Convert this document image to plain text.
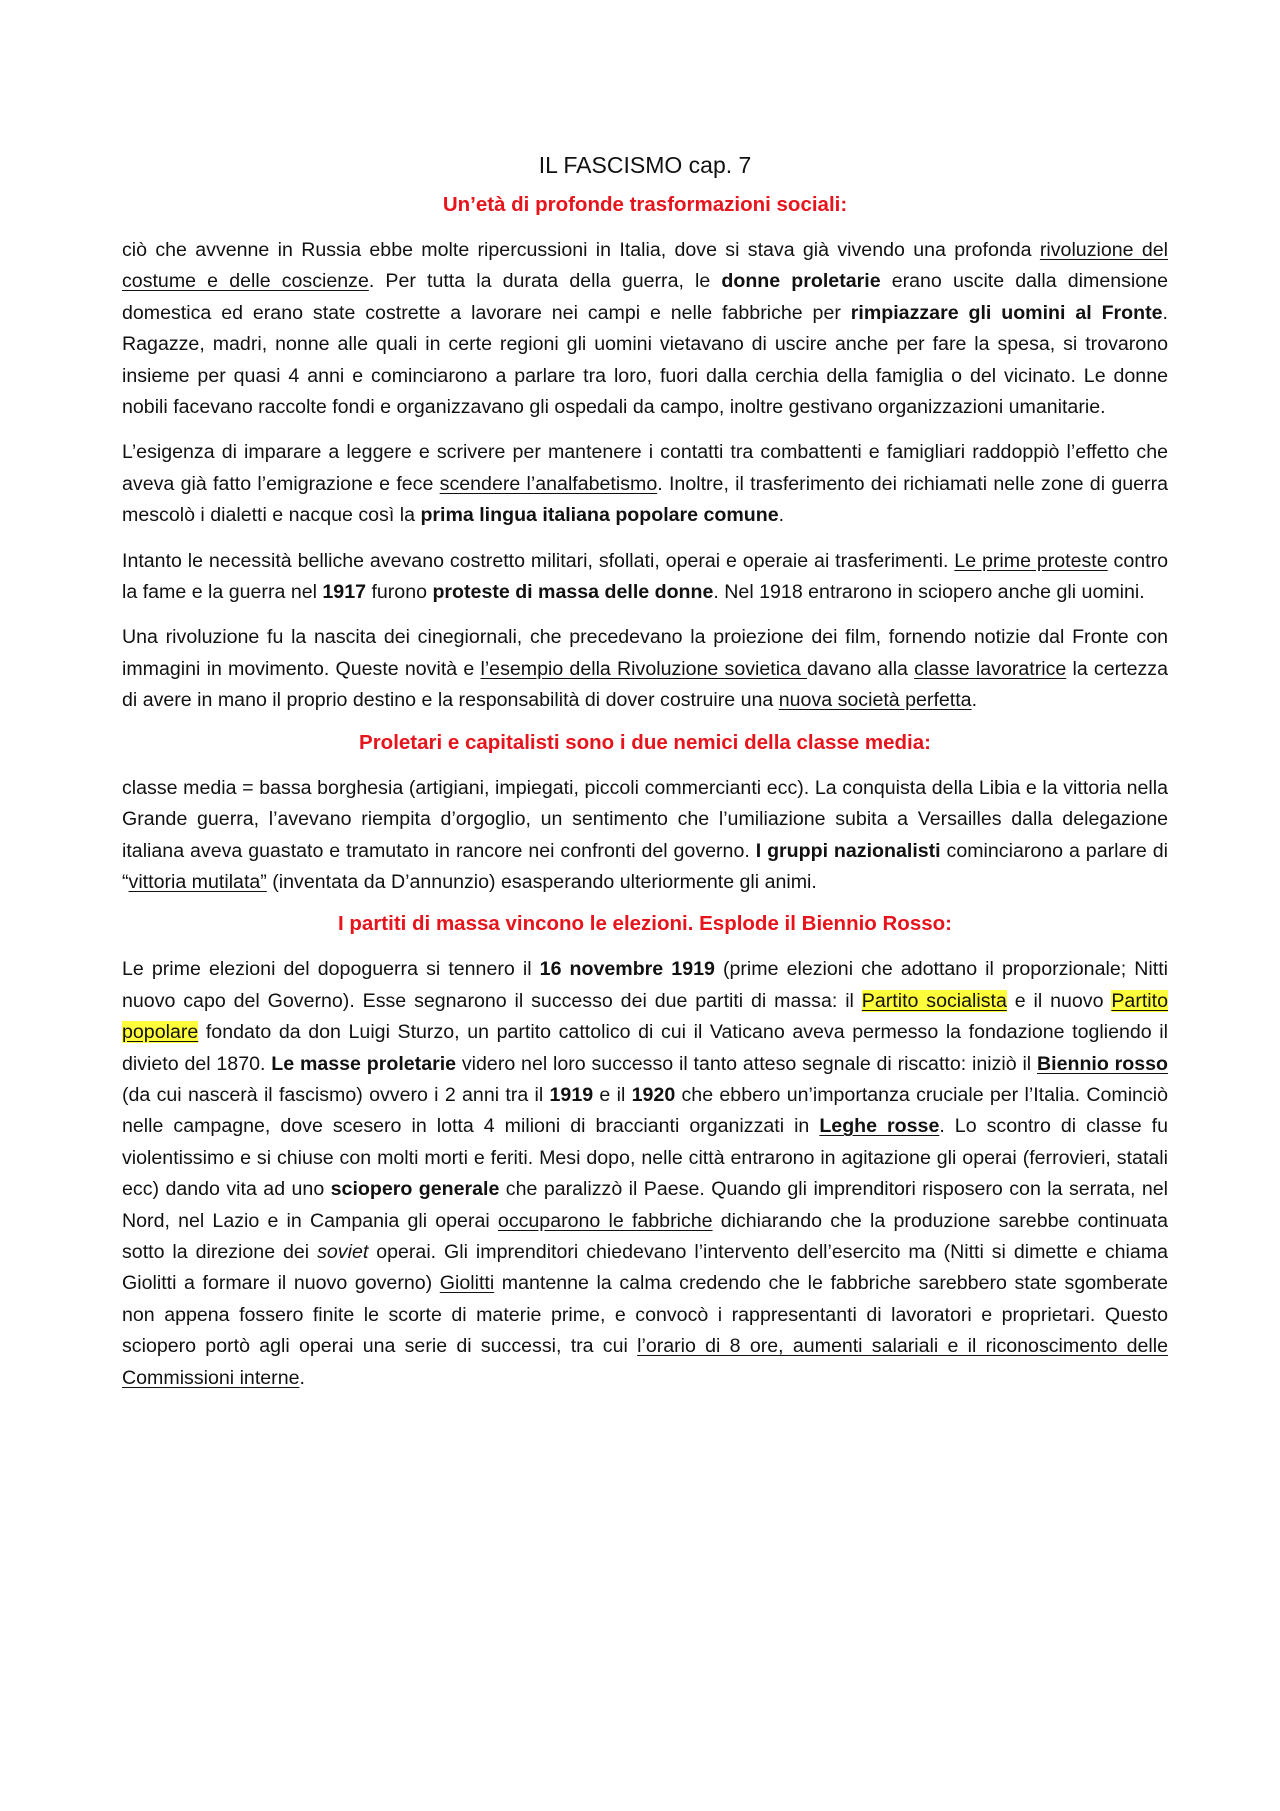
IL FASCISMO cap. 7
Un’età di profonde trasformazioni sociali:

ciò che avvenne in Russia ebbe molte ripercussioni in Italia, dove si stava già vivendo una profonda rivoluzione del costume e delle coscienze. Per tutta la durata della guerra, le donne proletarie erano uscite dalla dimensione domestica ed erano state costrette a lavorare nei campi e nelle fabbriche per rimpiazzare gli uomini al Fronte. Ragazze, madri, nonne alle quali in certe regioni gli uomini vietavano di uscire anche per fare la spesa, si trovarono insieme per quasi 4 anni e cominciarono a parlare tra loro, fuori dalla cerchia della famiglia o del vicinato. Le donne nobili facevano raccolte fondi e organizzavano gli ospedali da campo, inoltre gestivano organizzazioni umanitarie.

L’esigenza di imparare a leggere e scrivere per mantenere i contatti tra combattenti e famigliari raddoppiò l’effetto che aveva già fatto l’emigrazione e fece scendere l’analfabetismo. Inoltre, il trasferimento dei richiamati nelle zone di guerra mescolò i dialetti e nacque così la prima lingua italiana popolare comune.

Intanto le necessità belliche avevano costretto militari, sfollati, operai e operaie ai trasferimenti. Le prime proteste contro la fame e la guerra nel 1917 furono proteste di massa delle donne. Nel 1918 entrarono in sciopero anche gli uomini.

Una rivoluzione fu la nascita dei cinegiornali, che precedevano la proiezione dei film, fornendo notizie dal Fronte con immagini in movimento. Queste novità e l’esempio della Rivoluzione sovietica davano alla classe lavoratrice la certezza di avere in mano il proprio destino e la responsabilità di dover costruire una nuova società perfetta.

Proletari e capitalisti sono i due nemici della classe media:

classe media = bassa borghesia (artigiani, impiegati, piccoli commercianti ecc). La conquista della Libia e la vittoria nella Grande guerra, l’avevano riempita d’orgoglio, un sentimento che l’umiliazione subita a Versailles dalla delegazione italiana aveva guastato e tramutato in rancore nei confronti del governo. I gruppi nazionalisti cominciarono a parlare di “vittoria mutilata” (inventata da D’annunzio) esasperando ulteriormente gli animi.

I partiti di massa vincono le elezioni. Esplode il Biennio Rosso:

Le prime elezioni del dopoguerra si tennero il 16 novembre 1919 (prime elezioni che adottano il proporzionale; Nitti nuovo capo del Governo). Esse segnarono il successo dei due partiti di massa: il Partito socialista e il nuovo Partito popolare fondato da don Luigi Sturzo, un partito cattolico di cui il Vaticano aveva permesso la fondazione togliendo il divieto del 1870. Le masse proletarie videro nel loro successo il tanto atteso segnale di riscatto: iniziò il Biennio rosso (da cui nascerà il fascismo) ovvero i 2 anni tra il 1919 e il 1920 che ebbero un’importanza cruciale per l’Italia. Cominciò nelle campagne, dove scesero in lotta 4 milioni di braccianti organizzati in Leghe rosse. Lo scontro di classe fu violentissimo e si chiuse con molti morti e feriti. Mesi dopo, nelle città entrarono in agitazione gli operai (ferrovieri, statali ecc) dando vita ad uno sciopero generale che paralizzò il Paese. Quando gli imprenditori risposero con la serrata, nel Nord, nel Lazio e in Campania gli operai occuparono le fabbriche dichiarando che la produzione sarebbe continuata sotto la direzione dei soviet operai. Gli imprenditori chiedevano l’intervento dell’esercito ma (Nitti si dimette e chiama Giolitti a formare il nuovo governo) Giolitti mantenne la calma credendo che le fabbriche sarebbero state sgomberate non appena fossero finite le scorte di materie prime, e convocò i rappresentanti di lavoratori e proprietari. Questo sciopero portò agli operai una serie di successi, tra cui l’orario di 8 ore, aumenti salariali e il riconoscimento delle Commissioni interne.
